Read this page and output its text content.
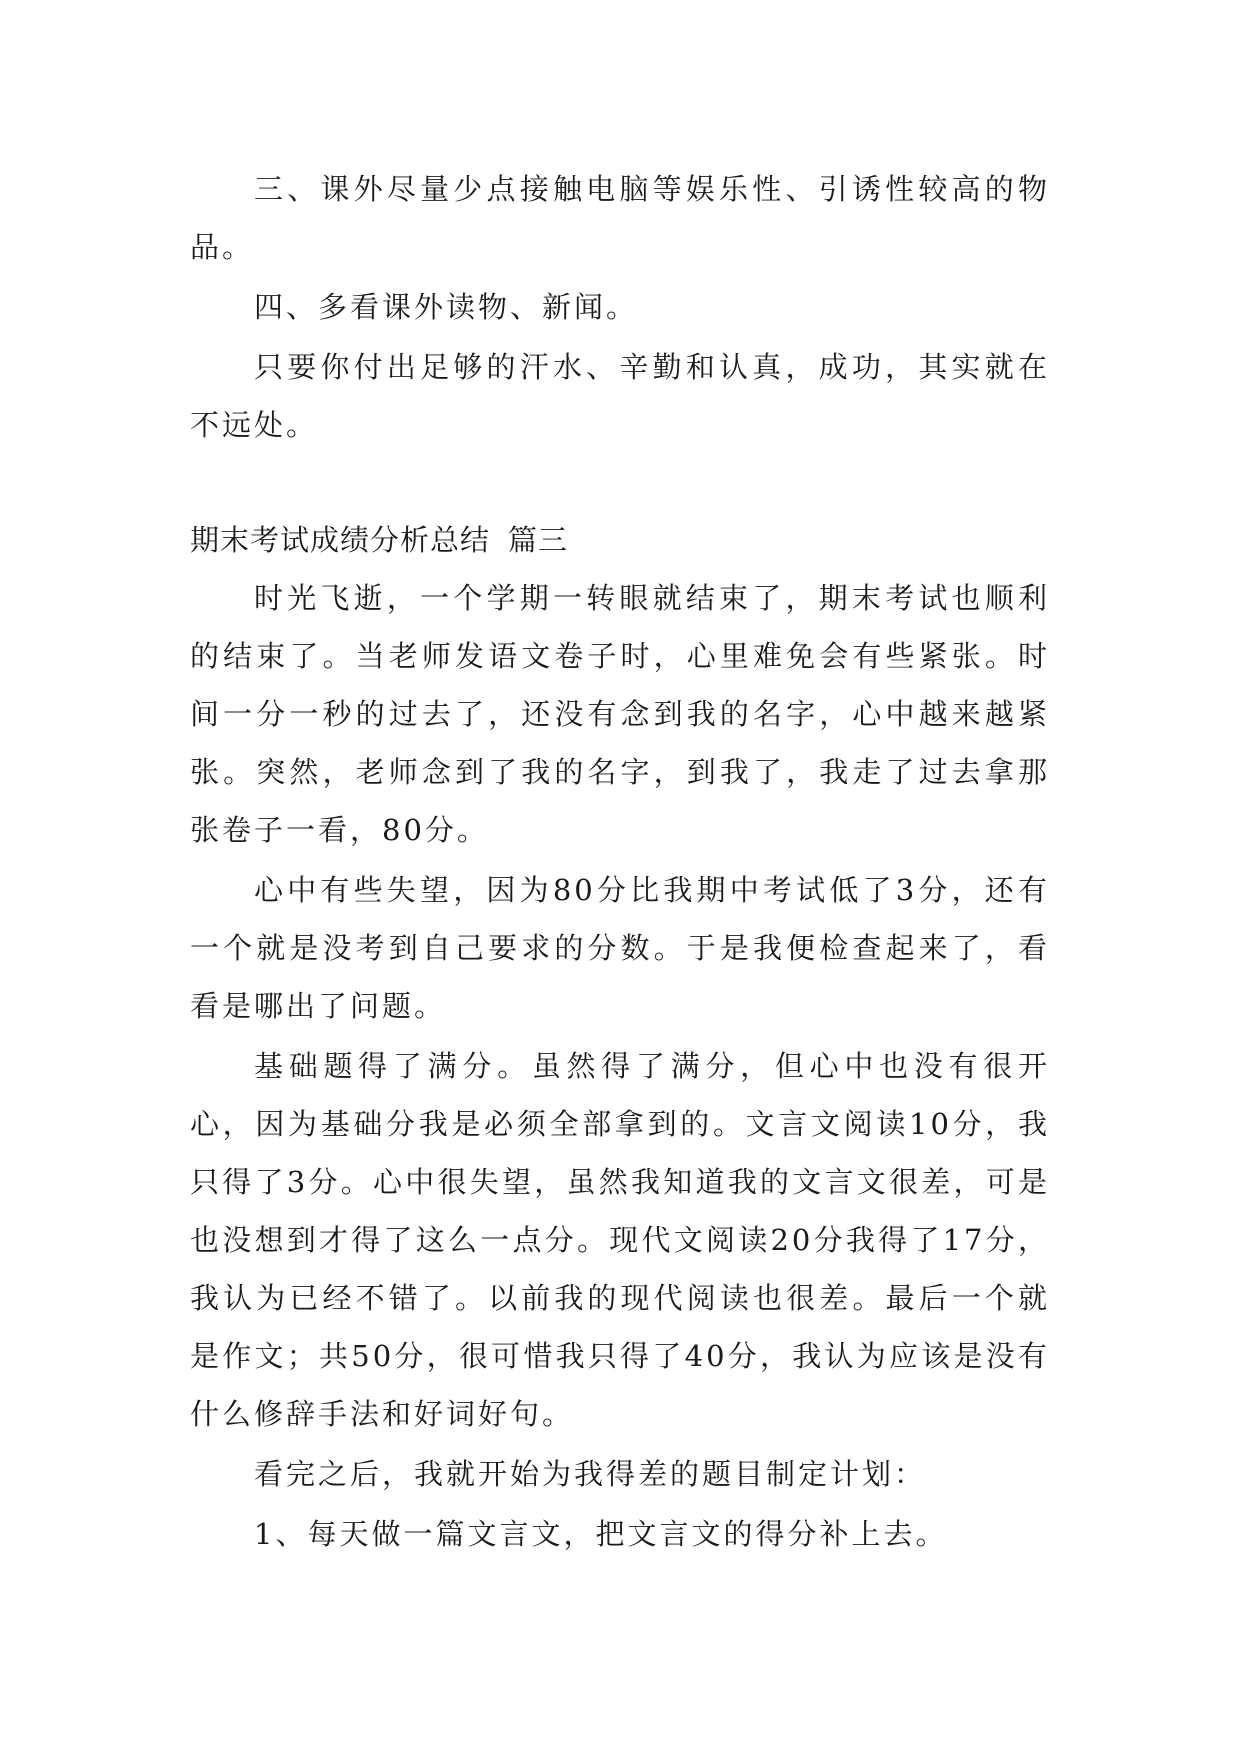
三、课外尽量少点接触电脑等娱乐性、引诱性较高的物品。

四、多看课外读物、新闻。

只要你付出足够的汗水、辛勤和认真，成功，其实就在不远处。

期末考试成绩分析总结 篇三

时光飞逝，一个学期一转眼就结束了，期末考试也顺利的结束了。当老师发语文卷子时，心里难免会有些紧张。时间一分一秒的过去了，还没有念到我的名字，心中越来越紧张。突然，老师念到了我的名字，到我了，我走了过去拿那张卷子一看，80分。

心中有些失望，因为80分比我期中考试低了3分，还有一个就是没考到自己要求的分数。于是我便检查起来了，看看是哪出了问题。

基础题得了满分。虽然得了满分，但心中也没有很开心，因为基础分我是必须全部拿到的。文言文阅读10分，我只得了3分。心中很失望，虽然我知道我的文言文很差，可是也没想到才得了这么一点分。现代文阅读20分我得了17分，我认为已经不错了。以前我的现代阅读也很差。最后一个就是作文；共50分，很可惜我只得了40分，我认为应该是没有什么修辞手法和好词好句。

看完之后，我就开始为我得差的题目制定计划：

1、每天做一篇文言文，把文言文的得分补上去。
